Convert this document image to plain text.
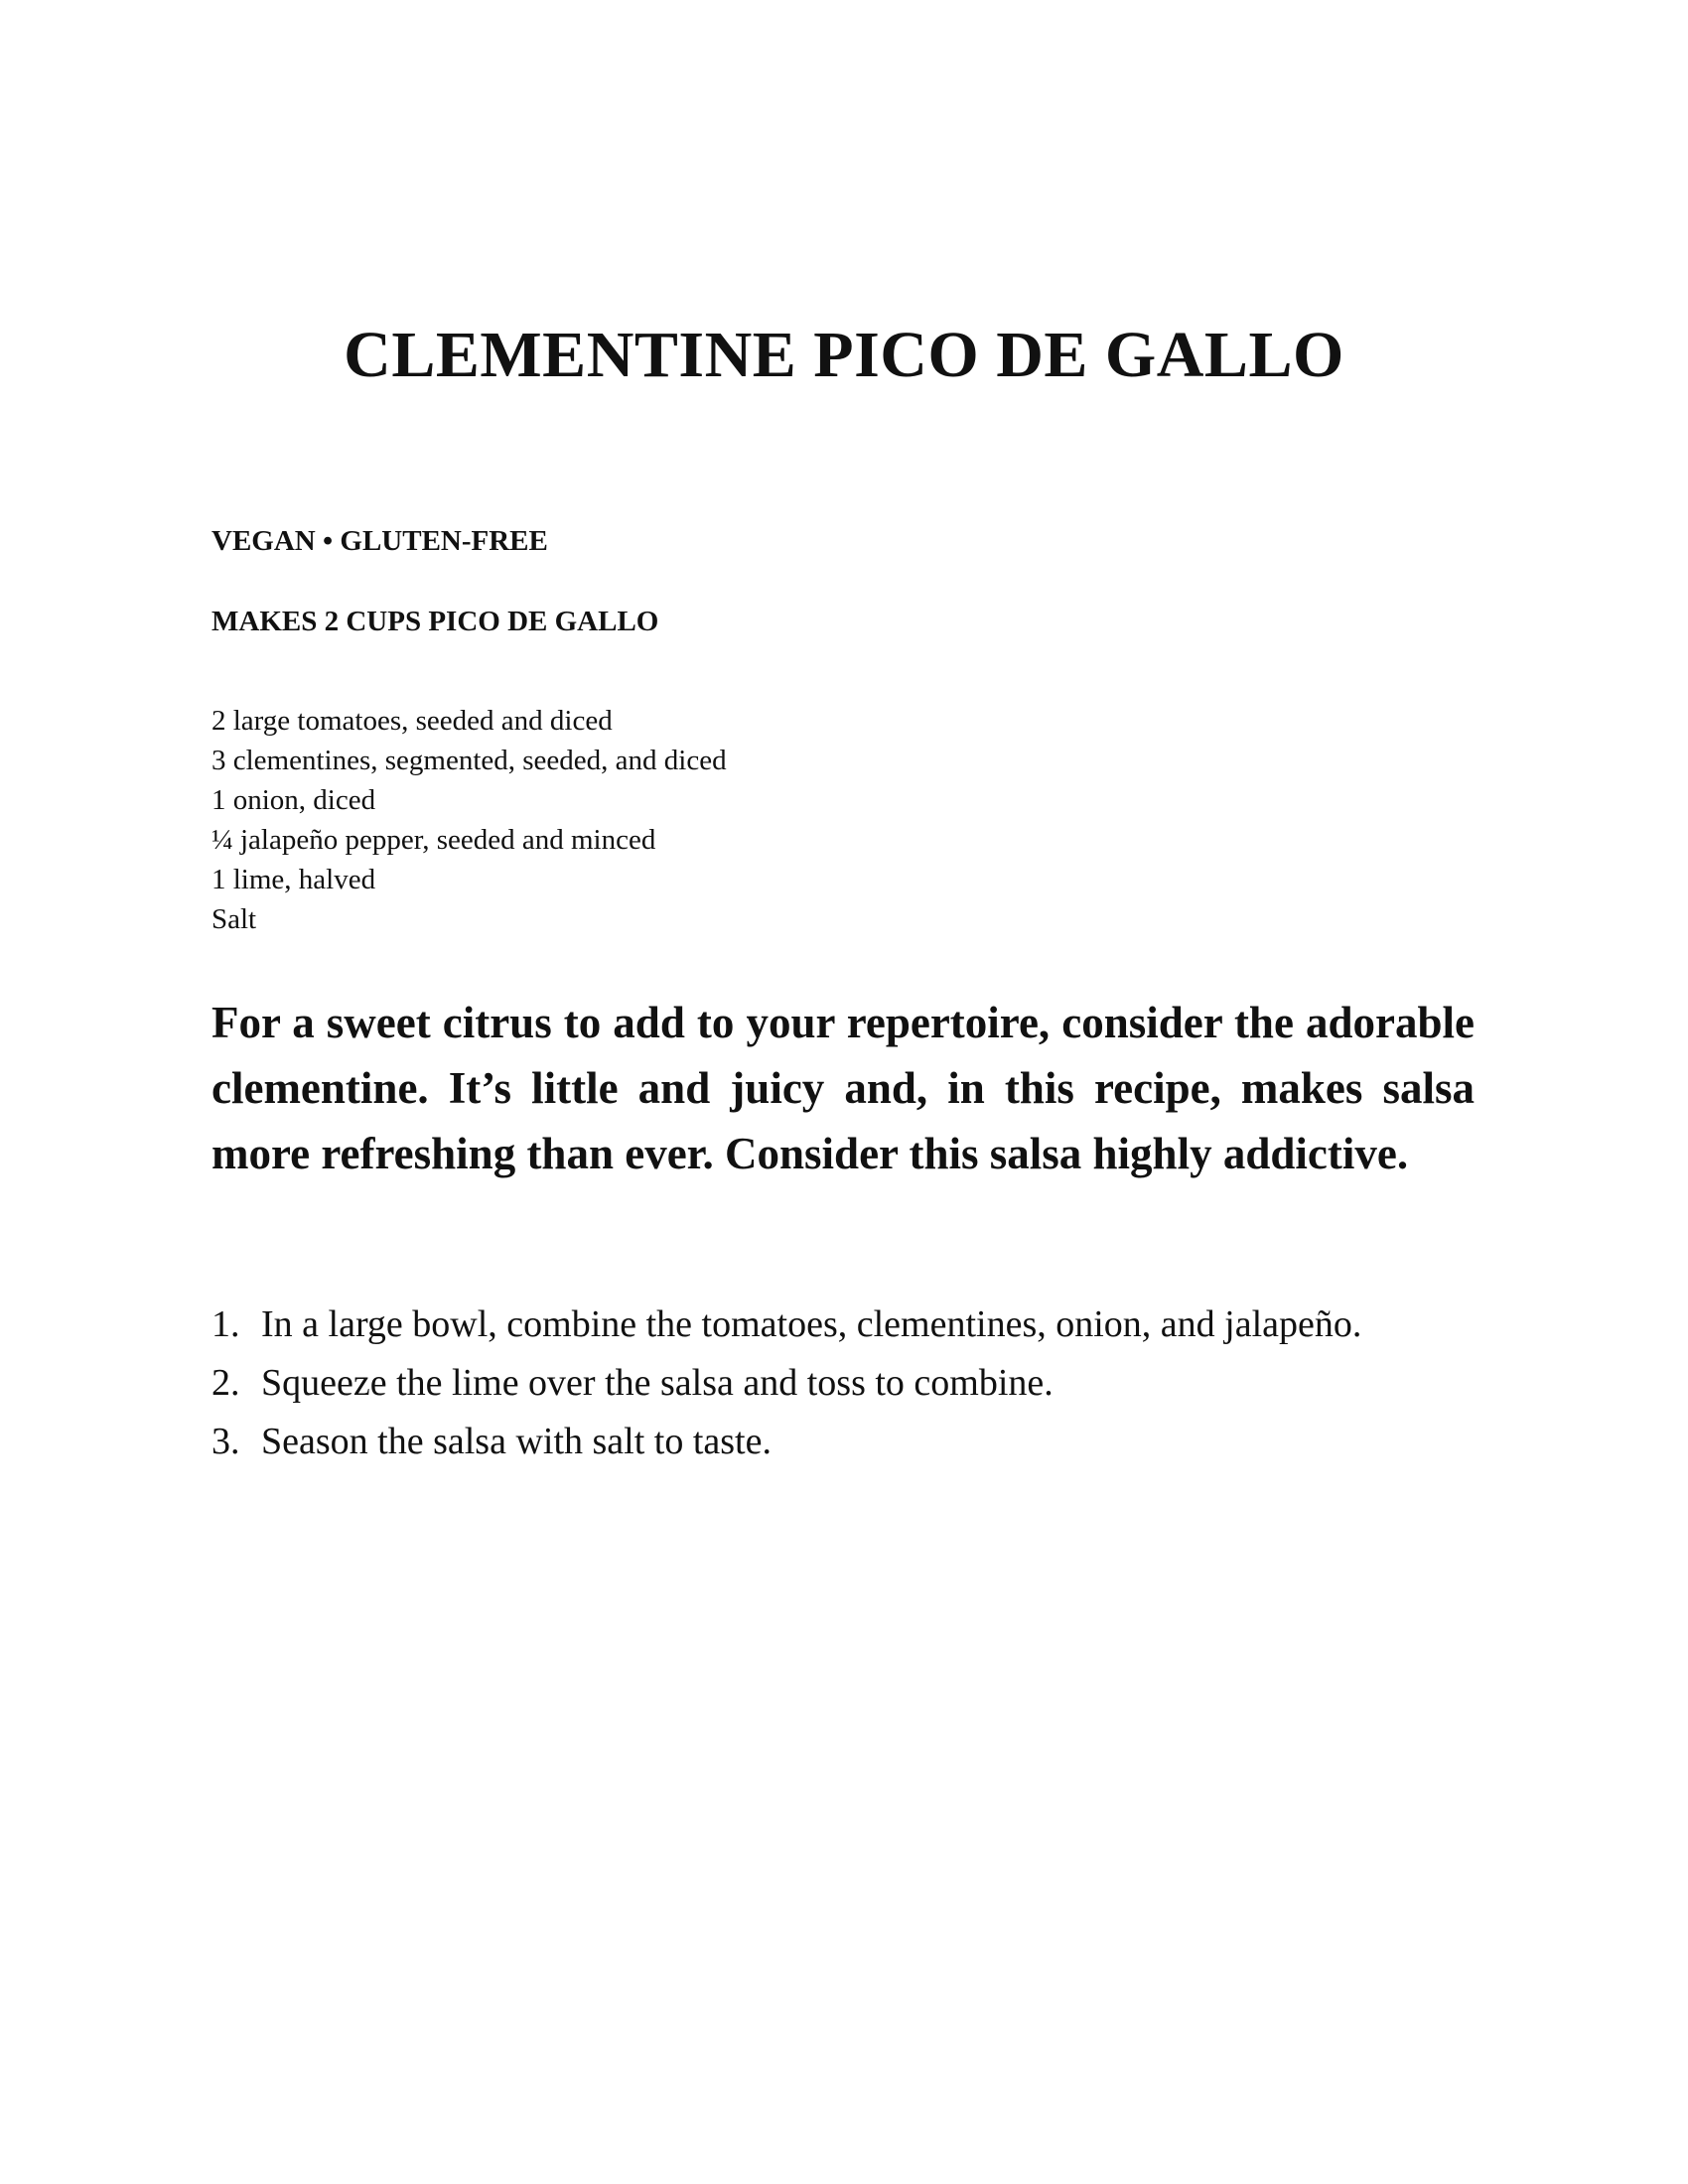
CLEMENTINE PICO DE GALLO

VEGAN • GLUTEN-FREE

MAKES 2 CUPS PICO DE GALLO

2 large tomatoes, seeded and diced
3 clementines, segmented, seeded, and diced
1 onion, diced
¼ jalapeño pepper, seeded and minced
1 lime, halved
Salt

For a sweet citrus to add to your repertoire, consider the adorable clementine. It’s little and juicy and, in this recipe, makes salsa more refreshing than ever. Consider this salsa highly addictive.

1. In a large bowl, combine the tomatoes, clementines, onion, and jalapeño.
2. Squeeze the lime over the salsa and toss to combine.
3. Season the salsa with salt to taste.
